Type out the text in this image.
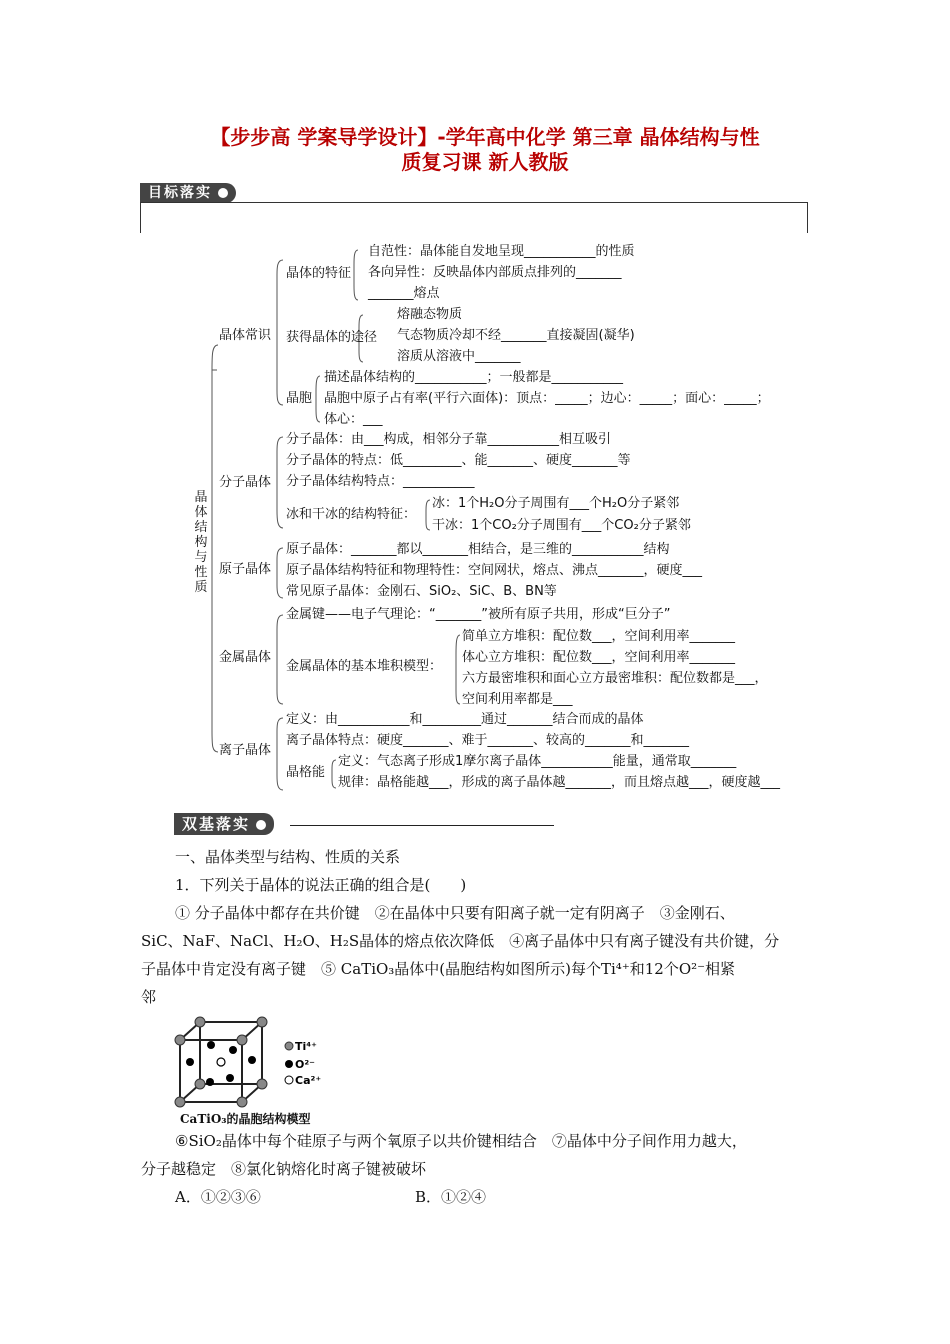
【步步高 学案导学设计】-学年高中化学 第三章 晶体结构与性
质复习课 新人教版
目标落实
晶体结构与性质
晶体常识
分子晶体
原子晶体
金属晶体
离子晶体
晶体的特征
自范性：晶体能自发地呈现___________的性质
各向异性：反映晶体内部质点排列的_______
_______熔点
获得晶体的途径
熔融态物质
气态物质冷却不经_______直接凝固(凝华)
溶质从溶液中_______
晶胞
描述晶体结构的___________；一般都是___________
晶胞中原子占有率(平行六面体)：顶点：_____；边心：_____；面心：_____；
体心：___
分子晶体：由___构成，相邻分子靠___________相互吸引
分子晶体的特点：低_________、能_______、硬度_______等
分子晶体结构特点：___________
冰和干冰的结构特征：
冰：1个H₂O分子周围有___个H₂O分子紧邻
干冰：1个CO₂分子周围有___个CO₂分子紧邻
原子晶体：_______都以_______相结合，是三维的___________结构
原子晶体结构特征和物理特性：空间网状，熔点、沸点_______，硬度___
常见原子晶体：金刚石、SiO₂、SiC、B、BN等
金属键——电子气理论：“_______”被所有原子共用，形成“巨分子”
金属晶体的基本堆积模型：
简单立方堆积：配位数___，空间利用率_______
体心立方堆积：配位数___，空间利用率_______
六方最密堆积和面心立方最密堆积：配位数都是___，
空间利用率都是___
定义：由___________和_________通过_______结合而成的晶体
离子晶体特点：硬度_______、难于_______、较高的_______和_______
晶格能
定义：气态离子形成1摩尔离子晶体___________能量，通常取_______
规律：晶格能越___，形成的离子晶体越_______，而且熔点越___，硬度越___
双基落实
一、晶体类型与结构、性质的关系
1．下列关于晶体的说法正确的组合是(　　)
① 分子晶体中都存在共价键　②在晶体中只要有阳离子就一定有阴离子　③金刚石、
SiC、NaF、NaCl、H₂O、H₂S晶体的熔点依次降低　④离子晶体中只有离子键没有共价键，分
子晶体中肯定没有离子键　⑤ CaTiO₃晶体中(晶胞结构如图所示)每个Ti⁴⁺和12个O²⁻相紧
邻
Ti⁴⁺
O²⁻
Ca²⁺
CaTiO₃的晶胞结构模型
⑥SiO₂晶体中每个硅原子与两个氧原子以共价键相结合　⑦晶体中分子间作用力越大，
分子越稳定　⑧氯化钠熔化时离子键被破坏
A．①②③⑥	B．①②④
